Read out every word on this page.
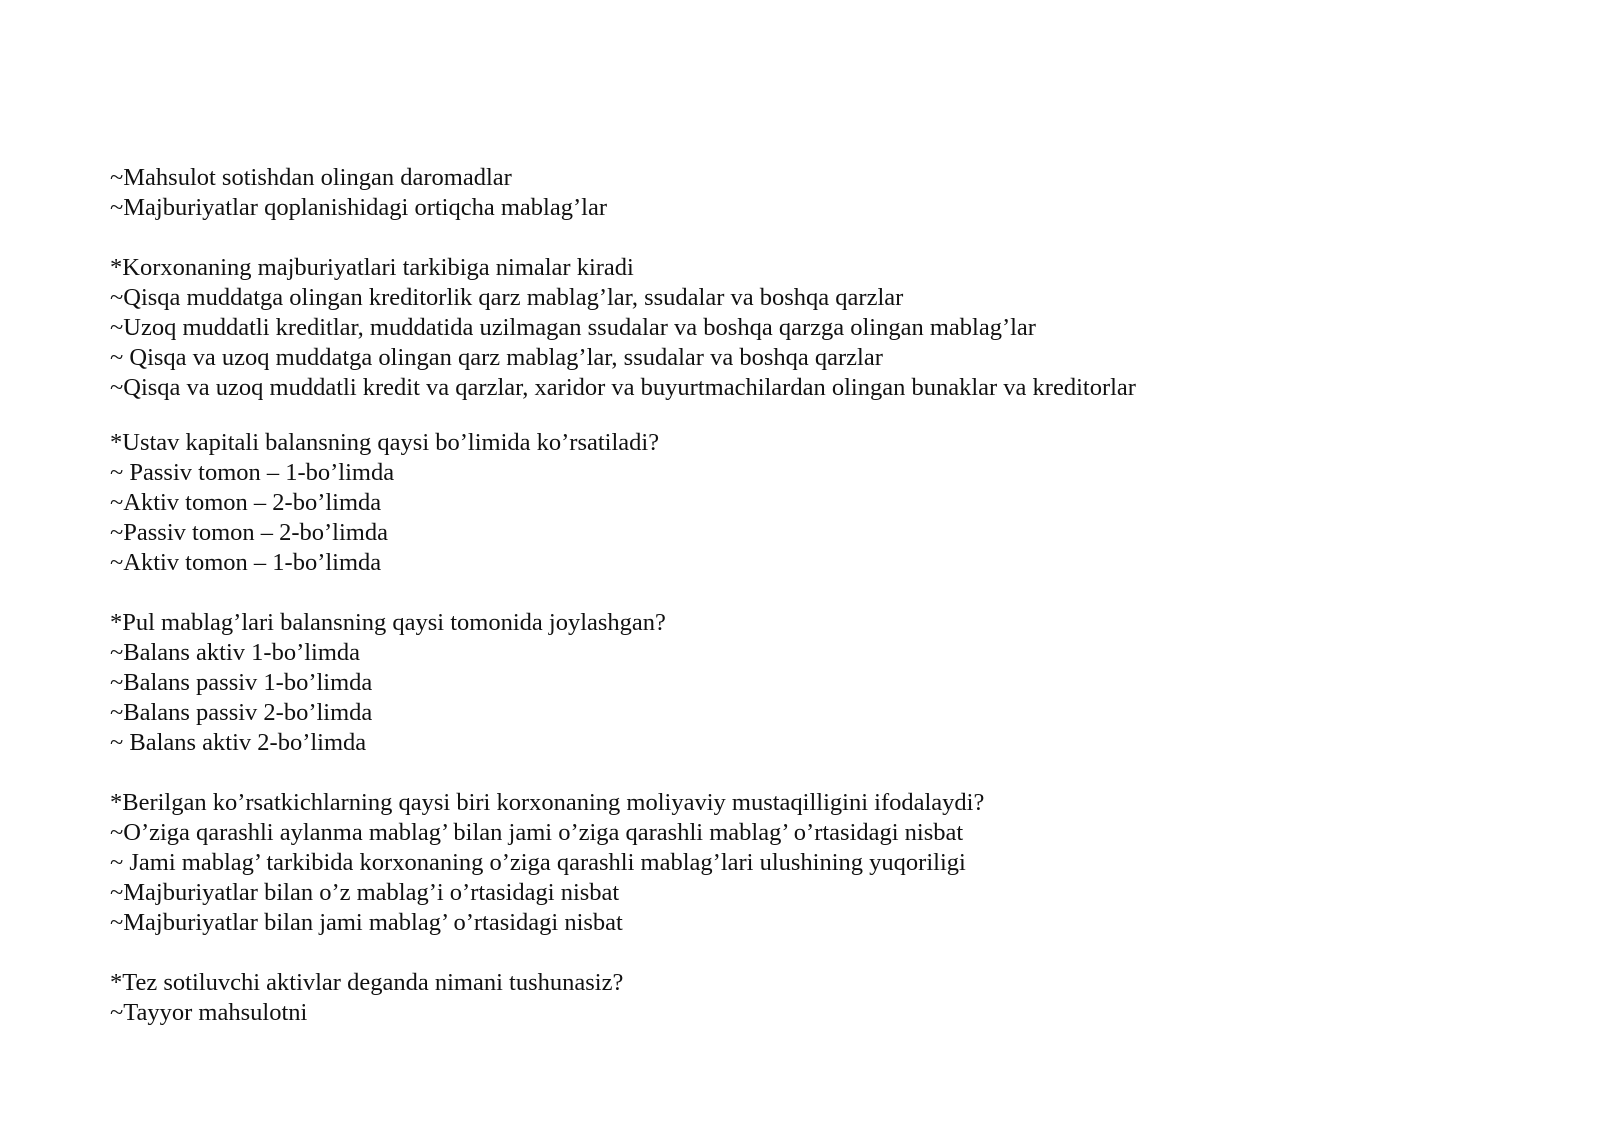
~Mahsulot sotishdan olingan daromadlar
~Majburiyatlar qoplanishidagi ortiqcha mablag’lar
*Korxonaning majburiyatlari tarkibiga nimalar kiradi
~Qisqa muddatga olingan kreditorlik qarz mablag’lar, ssudalar va boshqa qarzlar
~Uzoq muddatli kreditlar, muddatida uzilmagan ssudalar va boshqa qarzga olingan mablag’lar
~ Qisqa va uzoq muddatga olingan qarz mablag’lar, ssudalar va boshqa qarzlar
~Qisqa va uzoq muddatli kredit va qarzlar, xaridor va buyurtmachilardan olingan bunaklar va kreditorlar
*Ustav kapitali balansning qaysi bo’limida ko’rsatiladi?
~ Passiv tomon – 1-bo’limda
~Aktiv tomon – 2-bo’limda
~Passiv tomon – 2-bo’limda
~Aktiv tomon – 1-bo’limda
*Pul mablag’lari balansning qaysi tomonida joylashgan?
~Balans aktiv 1-bo’limda
~Balans passiv 1-bo’limda
~Balans passiv 2-bo’limda
~ Balans aktiv 2-bo’limda
*Berilgan ko’rsatkichlarning qaysi biri korxonaning moliyaviy mustaqilligini ifodalaydi?
~O’ziga qarashli aylanma mablag’ bilan jami o’ziga qarashli mablag’ o’rtasidagi nisbat
~ Jami mablag’ tarkibida korxonaning o’ziga qarashli mablag’lari ulushining yuqoriligi
~Majburiyatlar bilan o’z mablag’i o’rtasidagi nisbat
~Majburiyatlar bilan jami mablag’ o’rtasidagi nisbat
*Tez sotiluvchi aktivlar deganda nimani tushunasiz?
~Tayyor mahsulotni
